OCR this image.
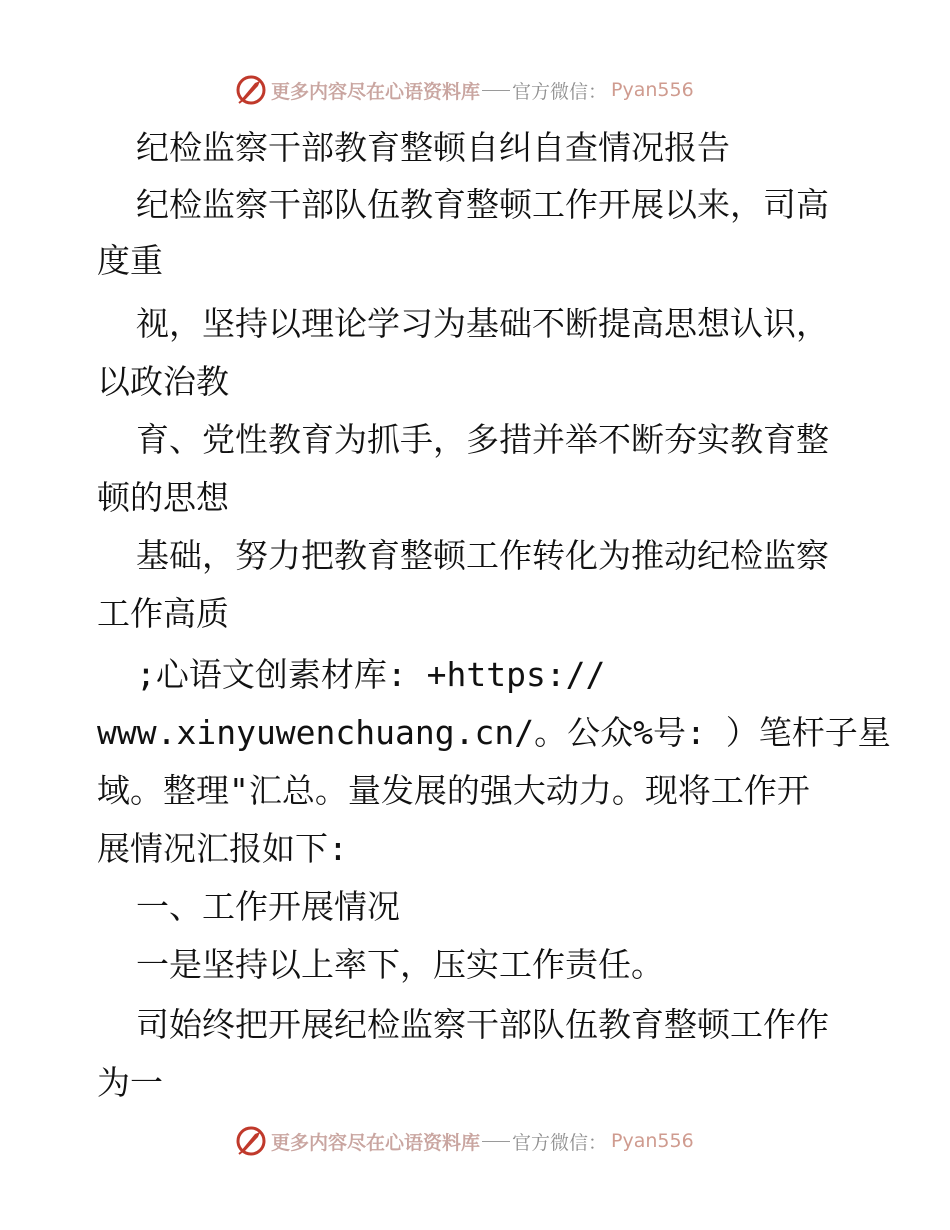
更多内容尽在心语资料库 官方微信： Pyan556
纪检监察干部教育整顿自纠自查情况报告
纪检监察干部队伍教育整顿工作开展以来，司高
度重
视，坚持以理论学习为基础不断提高思想认识，
以政治教
育、党性教育为抓手，多措并举不断夯实教育整
顿的思想
基础，努力把教育整顿工作转化为推动纪检监察
工作高质
;心语文创素材库: +https://
www.xinyuwenchuang.cn/。公众%号: ）笔杆子星
域。整理"汇总。量发展的强大动力。现将工作开
展情况汇报如下:
一、工作开展情况
一是坚持以上率下，压实工作责任。
司始终把开展纪检监察干部队伍教育整顿工作作
为一
更多内容尽在心语资料库 官方微信： Pyan556
